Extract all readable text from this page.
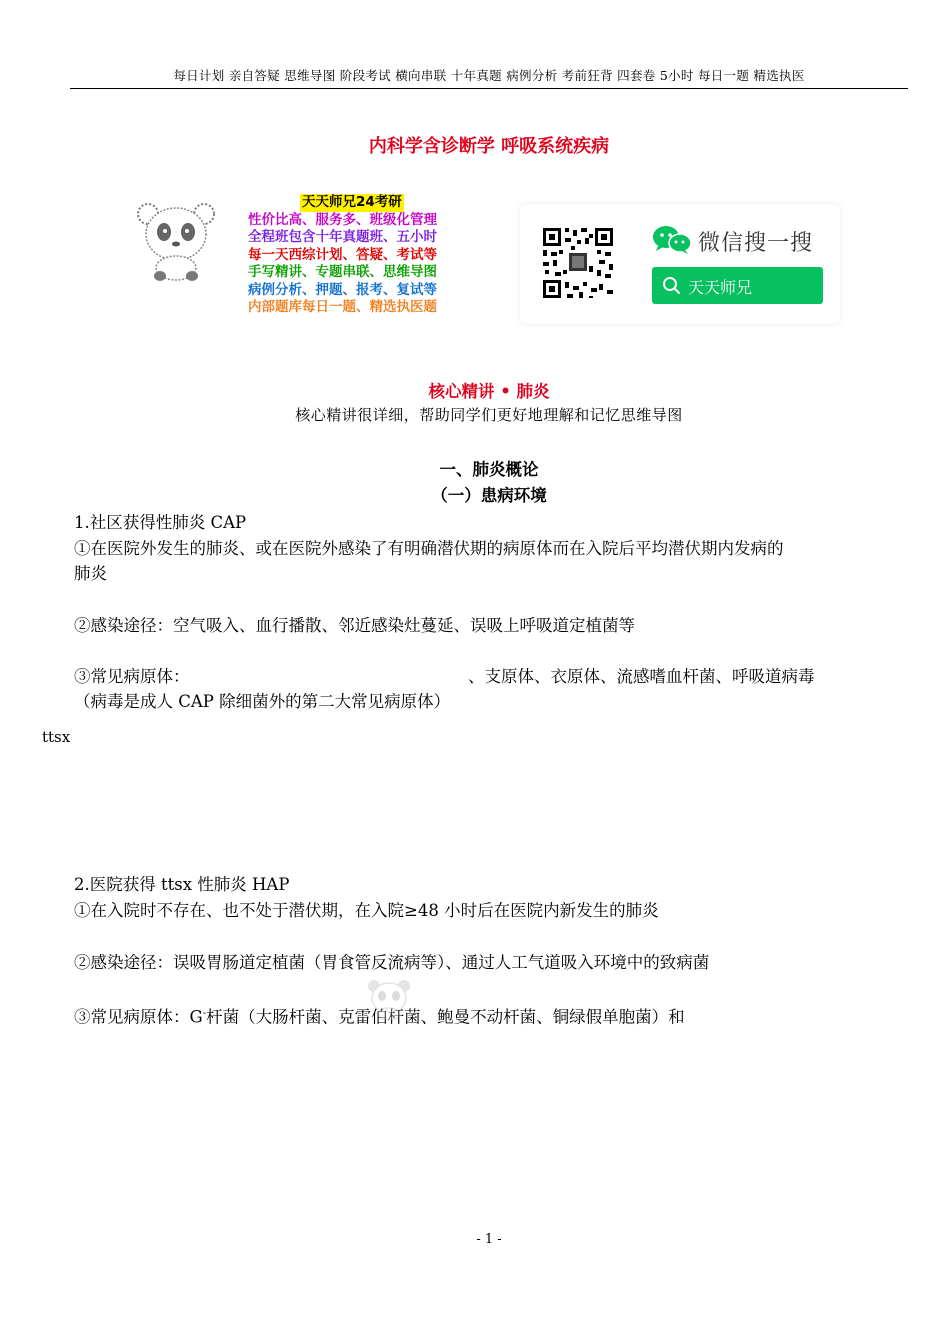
每日计划 亲自答疑 思维导图 阶段考试 横向串联 十年真题 病例分析 考前狂背 四套卷 5小时 每日一题 精选执医
内科学含诊断学 呼吸系统疾病
天天师兄24考研
性价比高、服务多、班级化管理
全程班包含十年真题班、五小时
每一天西综计划、答疑、考试等
手写精讲、专题串联、思维导图
病例分析、押题、报考、复试等
内部题库每日一题、精选执医题
微信搜一搜
天天师兄
核心精讲 • 肺炎
核心精讲很详细，帮助同学们更好地理解和记忆思维导图
一、肺炎概论
（一）患病环境
1.社区获得性肺炎 CAP
①在医院外发生的肺炎、或在医院外感染了有明确潜伏期的病原体而在入院后平均潜伏期内发病的
肺炎
②感染途径：空气吸入、血行播散、邻近感染灶蔓延、误吸上呼吸道定植菌等
③常见病原体：	、支原体、衣原体、流感嗜血杆菌、呼吸道病毒
（病毒是成人 CAP 除细菌外的第二大常见病原体）
ttsx
2.医院获得 ttsx 性肺炎 HAP
①在入院时不存在、也不处于潜伏期，在入院≥48 小时后在医院内新发生的肺炎
②感染途径：误吸胃肠道定植菌（胃食管反流病等）、通过人工气道吸入环境中的致病菌
③常见病原体：G-杆菌（大肠杆菌、克雷伯杆菌、鲍曼不动杆菌、铜绿假单胞菌）和
- 1 -
